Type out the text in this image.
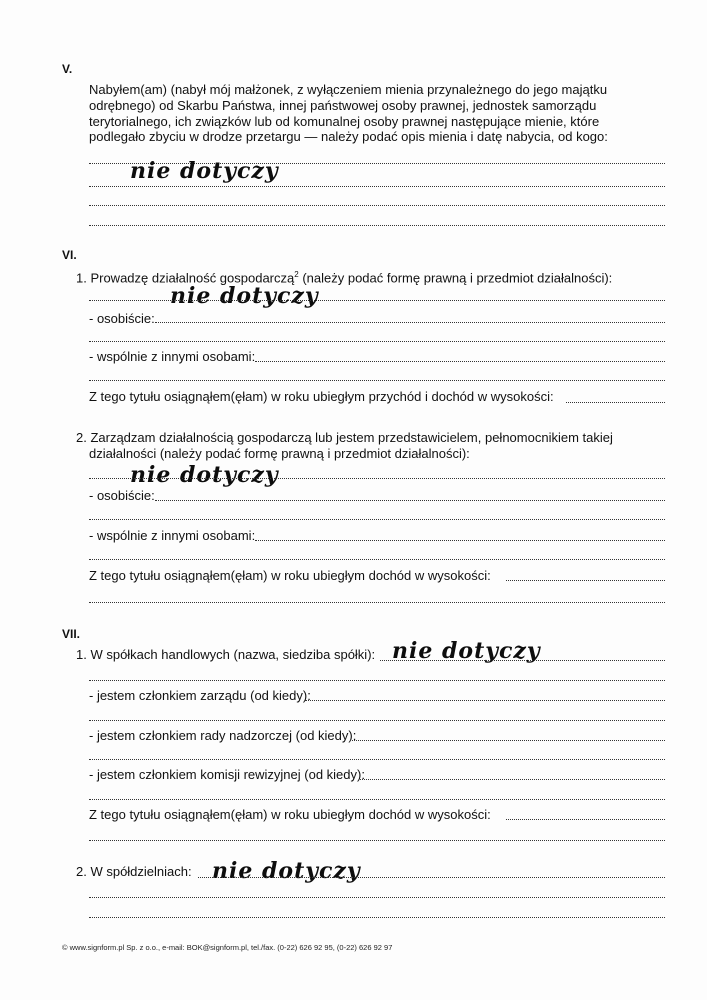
V.
Nabyłem(am) (nabył mój małżonek, z wyłączeniem mienia przynależnego do jego majątku
odrębnego) od Skarbu Państwa, innej państwowej osoby prawnej, jednostek samorządu
terytorialnego, ich związków lub od komunalnej osoby prawnej następujące mienie, które
podlegało zbyciu w drodze przetargu — należy podać opis mienia i datę nabycia, od kogo:
nie dotyczy
VI.
1. Prowadzę działalność gospodarczą$^2$ (należy podać formę prawną i przedmiot działalności):
nie dotyczy
- osobiście:
- wspólnie z innymi osobami:
Z tego tytułu osiągnąłem(ęłam) w roku ubiegłym przychód i dochód w wysokości:
2. Zarządzam działalnością gospodarczą lub jestem przedstawicielem, pełnomocnikiem takiej
działalności (należy podać formę prawną i przedmiot działalności):
nie dotyczy
- osobiście:
- wspólnie z innymi osobami:
Z tego tytułu osiągnąłem(ęłam) w roku ubiegłym dochód w wysokości:
VII.
1. W spółkach handlowych (nazwa, siedziba spółki): nie dotyczy
- jestem członkiem zarządu (od kiedy):
- jestem członkiem rady nadzorczej (od kiedy):
- jestem członkiem komisji rewizyjnej (od kiedy):
Z tego tytułu osiągnąłem(ęłam) w roku ubiegłym dochód w wysokości:
2. W spółdzielniach: nie dotyczy
© www.signform.pl Sp. z o.o., e-mail: BOK@signform.pl, tel./fax. (0-22) 626 92 95, (0-22) 626 92 97
